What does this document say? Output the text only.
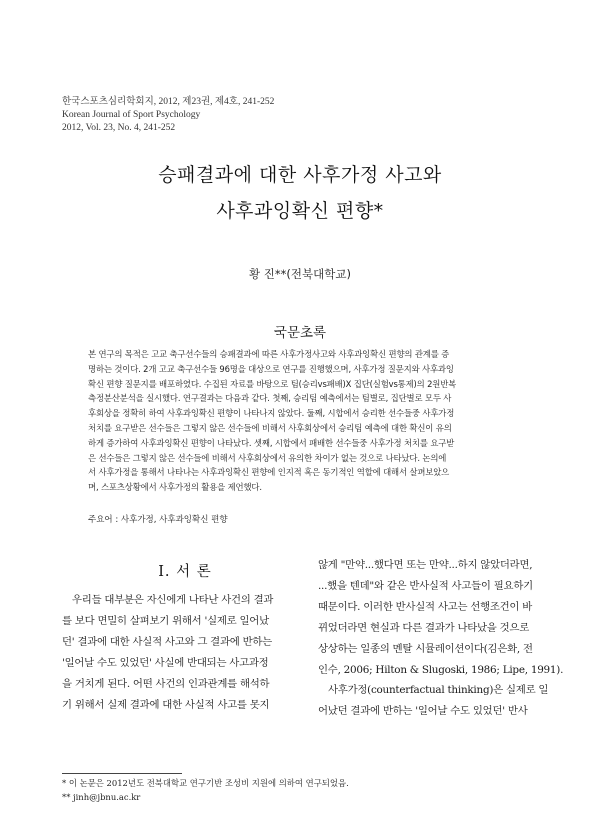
한국스포츠심리학회지, 2012, 제23권, 제4호, 241-252
Korean Journal of Sport Psychology
2012, Vol. 23, No. 4, 241-252
승패결과에 대한 사후가정 사고와
사후과잉확신 편향*
황 진**(전북대학교)
국문초록
본 연구의 목적은 고교 축구선수들의 승패결과에 따른 사후가정사고와 사후과잉확신 편향의 관계를 증
명하는 것이다. 2개 고교 축구선수들 96명을 대상으로 연구를 진행했으며, 사후가정 질문지와 사후과잉
확신 편향 질문지를 배포하였다. 수집된 자료를 바탕으로 팀(승리vs패배)X 집단(실험vs통제)의 2원반복
측정분산분석을 실시했다. 연구결과는 다음과 같다. 첫째, 승리팀 예측에서는 팀별로, 집단별로 모두 사
후회상을 정확히 하여 사후과잉확신 편향이 나타나지 않았다. 둘째, 시합에서 승리한 선수들중 사후가정
처치를 요구받은 선수들은 그렇지 않은 선수들에 비해서 사후회상에서 승리팀 예측에 대한 확신이 유의
하게 증가하여 사후과잉확신 편향이 나타났다. 셋째, 시합에서 패배한 선수들중 사후가정 처치를 요구받
은 선수들은 그렇지 않은 선수들에 비해서 사후회상에서 유의한 차이가 없는 것으로 나타났다. 논의에
서 사후가정을 통해서 나타나는 사후과잉확신 편향에 인지적 혹은 동기적인 역할에 대해서 살펴보았으
며, 스포츠상황에서 사후가정의 활용을 제언했다.
주요어 : 사후가정, 사후과잉확신 편향
I. 서 론
우리들 대부분은 자신에게 나타난 사건의 결과
를 보다 면밀히 살펴보기 위해서 '실제로 일어났
던' 결과에 대한 사실적 사고와 그 결과에 반하는
'일어날 수도 있었던' 사실에 반대되는 사고과정
을 거치게 된다. 어떤 사건의 인과관계를 해석하
기 위해서 실제 결과에 대한 사실적 사고를 못지
않게 "만약...했다면 또는 만약...하지 않았더라면,
...했을 텐데"와 같은 반사실적 사고들이 필요하기
때문이다. 이러한 반사실적 사고는 선행조건이 바
뀌었더라면 현실과 다른 결과가 나타났을 것으로
상상하는 일종의 멘탈 시뮬레이션이다(김은화, 전
인수, 2006; Hilton & Slugoski, 1986; Lipe, 1991).
사후가정(counterfactual thinking)은 실제로 일
어났던 결과에 반하는 '일어날 수도 있었던' 반사
* 이 논문은 2012년도 전북대학교 연구기반 조성비 지원에 의하여 연구되었음.
** jinh@jbnu.ac.kr
